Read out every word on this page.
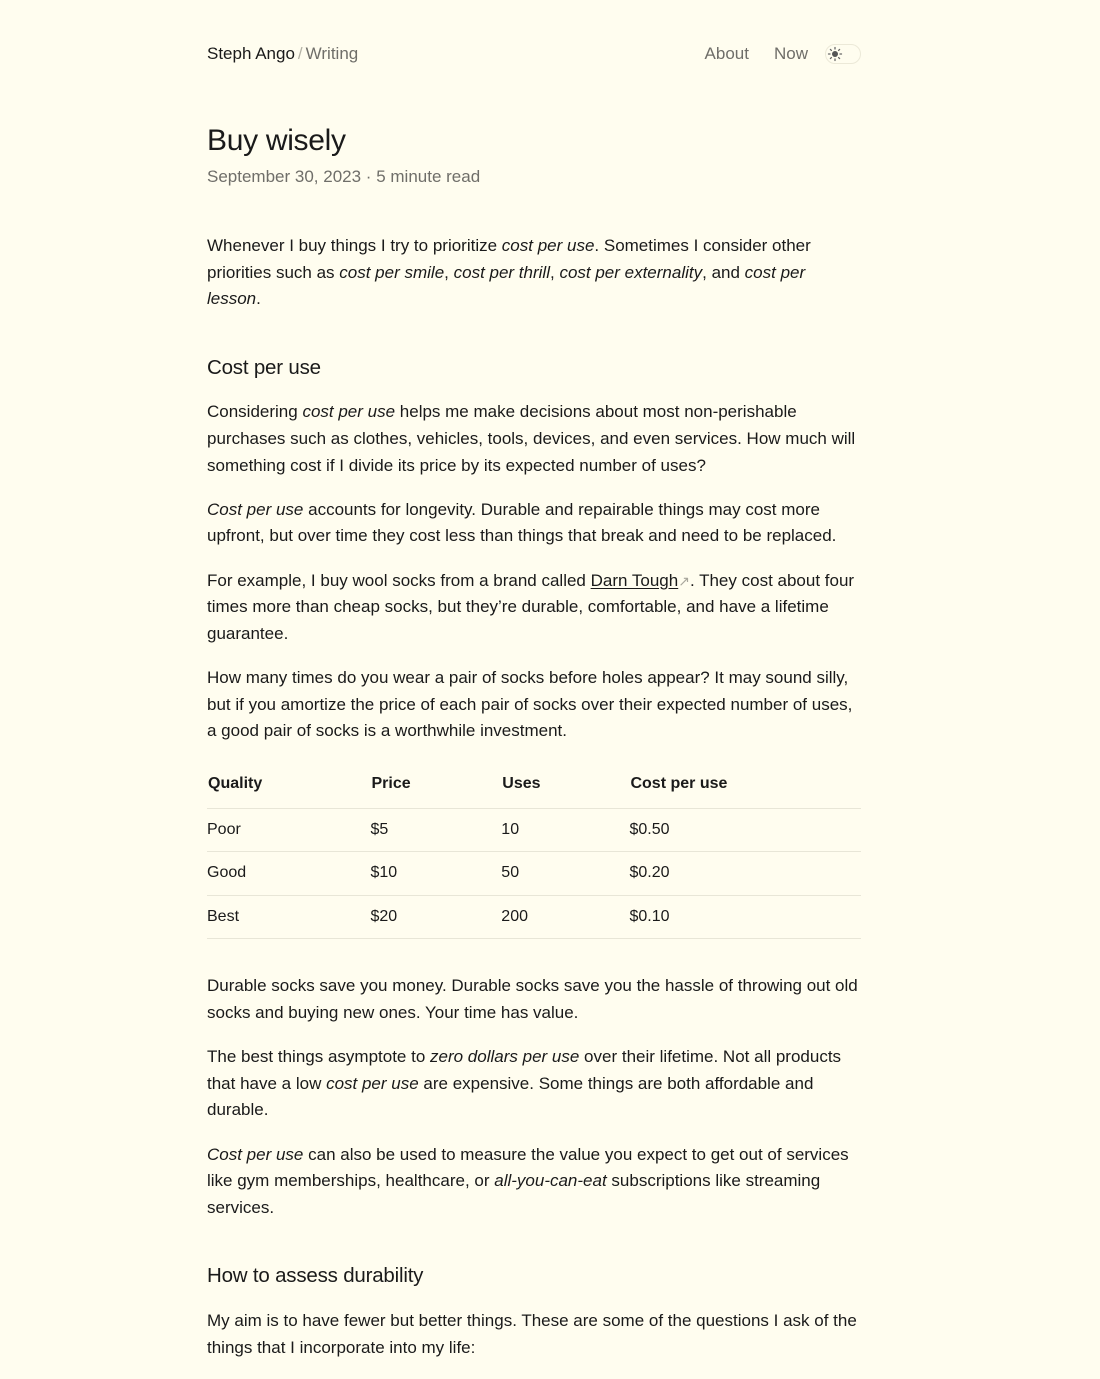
Steph Ango / Writing	About Now
Buy wisely
September 30, 2023 · 5 minute read

Whenever I buy things I try to prioritize cost per use. Sometimes I consider other priorities such as cost per smile, cost per thrill, cost per externality, and cost per lesson.

Cost per use

Considering cost per use helps me make decisions about most non-perishable purchases such as clothes, vehicles, tools, devices, and even services. How much will something cost if I divide its price by its expected number of uses?

Cost per use accounts for longevity. Durable and repairable things may cost more upfront, but over time they cost less than things that break and need to be replaced.

For example, I buy wool socks from a brand called Darn Tough↗. They cost about four times more than cheap socks, but they’re durable, comfortable, and have a lifetime guarantee.

How many times do you wear a pair of socks before holes appear? It may sound silly, but if you amortize the price of each pair of socks over their expected number of uses, a good pair of socks is a worthwhile investment.

Quality	Price	Uses	Cost per use
Poor	$5	10	$0.50
Good	$10	50	$0.20
Best	$20	200	$0.10

Durable socks save you money. Durable socks save you the hassle of throwing out old socks and buying new ones. Your time has value.

The best things asymptote to zero dollars per use over their lifetime. Not all products that have a low cost per use are expensive. Some things are both affordable and durable.

Cost per use can also be used to measure the value you expect to get out of services like gym memberships, healthcare, or all-you-can-eat subscriptions like streaming services.

How to assess durability

My aim is to have fewer but better things. These are some of the questions I ask of the things that I incorporate into my life:
